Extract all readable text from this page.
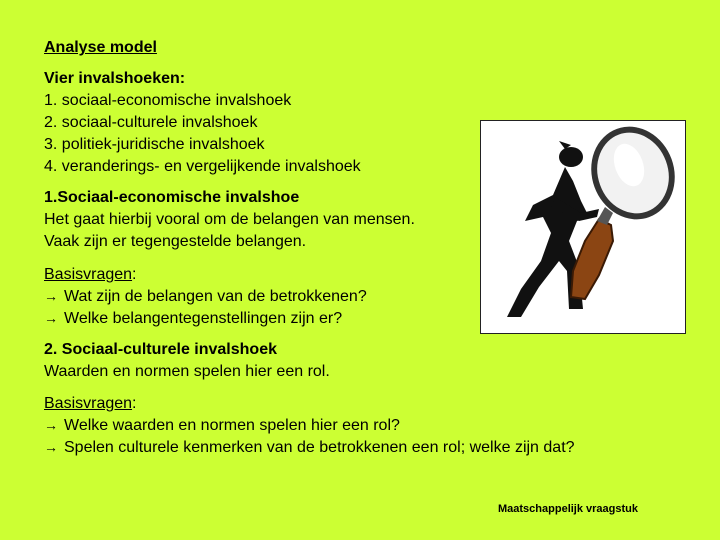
Analyse model
Vier invalshoeken:
1. sociaal-economische invalshoek
2. sociaal-culturele invalshoek
3. politiek-juridische invalshoek
4. veranderings- en vergelijkende invalshoek
1.Sociaal-economische invalshoe
Het gaat hierbij vooral om de belangen van mensen.
Vaak zijn er tegengestelde belangen.
Basisvragen:
→ Wat zijn de belangen van de betrokkenen?
→ Welke belangentegenstellingen zijn er?
2. Sociaal-culturele invalshoek
Waarden en normen spelen hier een rol.
Basisvragen:
→ Welke waarden en normen spelen hier een rol?
→ Spelen culturele kenmerken van de betrokkenen een rol; welke zijn dat?
Maatschappelijk vraagstuk
